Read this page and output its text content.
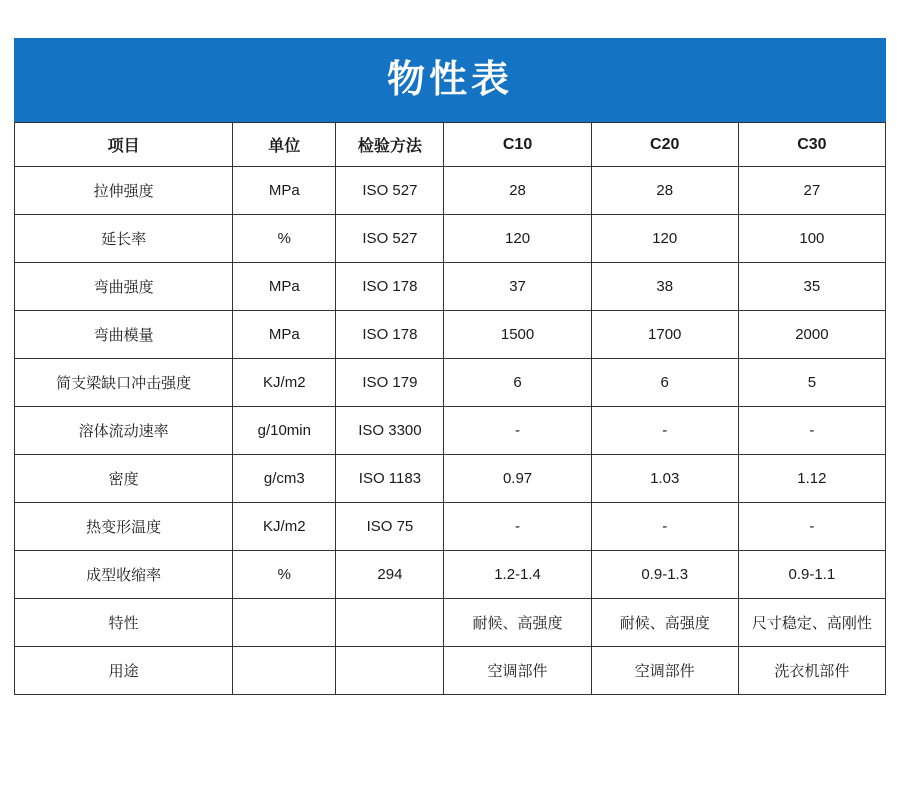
物性表
项目	单位	检验方法	C10	C20	C30
拉伸强度	MPa	ISO 527	28	28	27
延长率	%	ISO 527	120	120	100
弯曲强度	MPa	ISO 178	37	38	35
弯曲模量	MPa	ISO 178	1500	1700	2000
简支梁缺口冲击强度	KJ/m2	ISO 179	6	6	5
溶体流动速率	g/10min	ISO 3300	-	-	-
密度	g/cm3	ISO 1183	0.97	1.03	1.12
热变形温度	KJ/m2	ISO 75	-	-	-
成型收缩率	%	294	1.2-1.4	0.9-1.3	0.9-1.1
特性			耐候、高强度	耐候、高强度	尺寸稳定、高刚性
用途			空调部件	空调部件	洗衣机部件
